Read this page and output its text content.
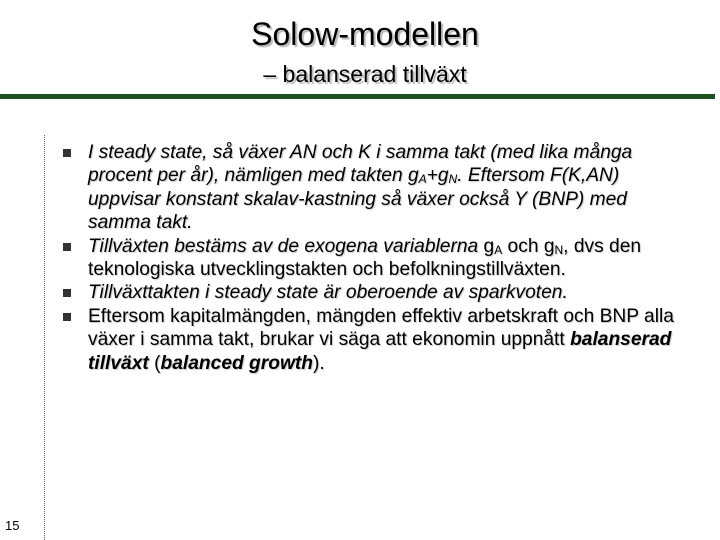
Solow-modellen
– balanserad tillväxt
I steady state, så växer AN och K i samma takt (med lika många procent per år), nämligen med takten $g_A+g_N$. Eftersom F(K,AN) uppvisar konstant skalav-kastning så växer också Y (BNP) med samma takt.
Tillväxten bestäms av de exogena variablerna $g_A$ och $g_N$, dvs den teknologiska utvecklingstakten och befolkningstillväxten.
Tillväxttakten i steady state är oberoende av sparkvoten.
Eftersom kapitalmängden, mängden effektiv arbetskraft och BNP alla växer i samma takt, brukar vi säga att ekonomin uppnått balanserad tillväxt (balanced growth).
15
